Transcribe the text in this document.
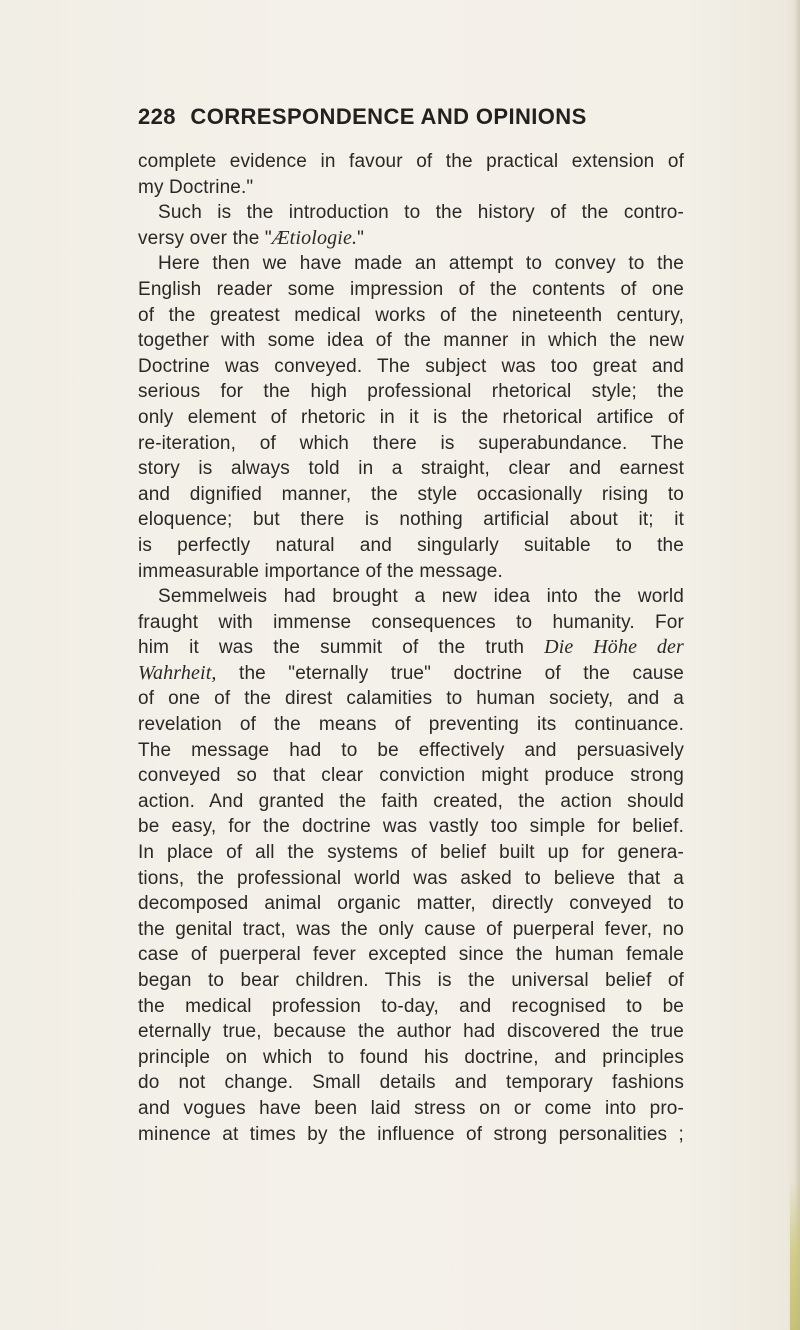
228 CORRESPONDENCE AND OPINIONS
complete evidence in favour of the practical extension of
my Doctrine."
Such is the introduction to the history of the contro-
versy over the "Ætiologie."
Here then we have made an attempt to convey to the
English reader some impression of the contents of one
of the greatest medical works of the nineteenth century,
together with some idea of the manner in which the new
Doctrine was conveyed. The subject was too great and
serious for the high professional rhetorical style; the
only element of rhetoric in it is the rhetorical artifice of
re-iteration, of which there is superabundance. The
story is always told in a straight, clear and earnest
and dignified manner, the style occasionally rising to
eloquence; but there is nothing artificial about it; it
is perfectly natural and singularly suitable to the
immeasurable importance of the message.
Semmelweis had brought a new idea into the world
fraught with immense consequences to humanity. For
him it was the summit of the truth Die Höhe der
Wahrheit, the "eternally true" doctrine of the cause
of one of the direst calamities to human society, and a
revelation of the means of preventing its continuance.
The message had to be effectively and persuasively
conveyed so that clear conviction might produce strong
action. And granted the faith created, the action should
be easy, for the doctrine was vastly too simple for belief.
In place of all the systems of belief built up for genera-
tions, the professional world was asked to believe that a
decomposed animal organic matter, directly conveyed to
the genital tract, was the only cause of puerperal fever, no
case of puerperal fever excepted since the human female
began to bear children. This is the universal belief of
the medical profession to-day, and recognised to be
eternally true, because the author had discovered the true
principle on which to found his doctrine, and principles
do not change. Small details and temporary fashions
and vogues have been laid stress on or come into pro-
minence at times by the influence of strong personalities ;
